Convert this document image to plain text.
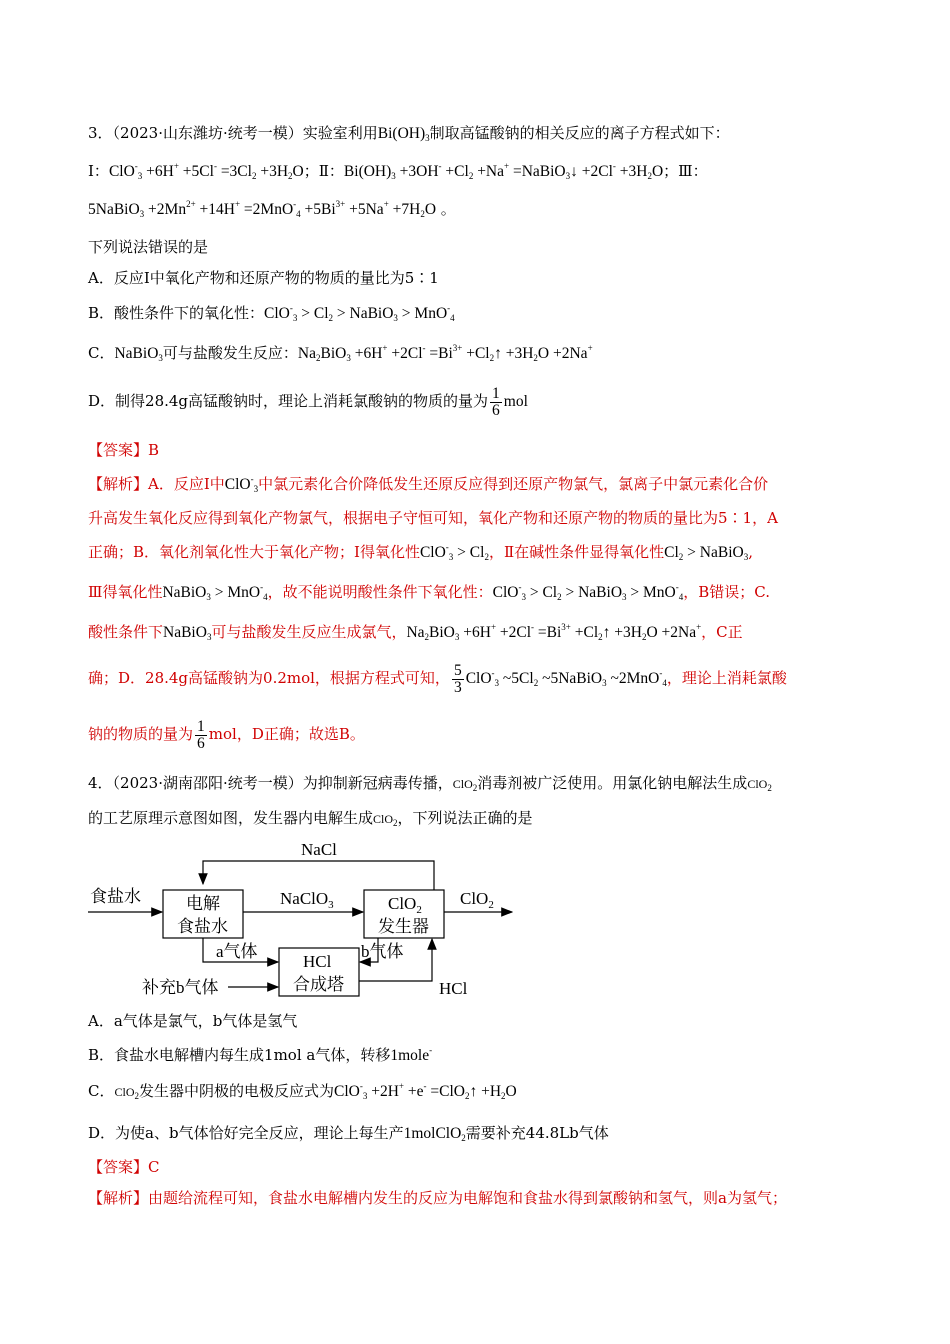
3．（2023·山东潍坊·统考一模）实验室利用$Bi(OH)_3$制取高锰酸钠的相关反应的离子方程式如下：
Ⅰ：$ClO^-_3 +6H^+ +5Cl^- =3Cl_2 +3H_2O$；Ⅱ：$Bi(OH)_3 +3OH^- +Cl_2 +Na^+$ =NaBiO$_3$↓ $+2Cl^- +3H_2O$；Ⅲ：
5NaBiO$_3$ $+2Mn^{2+} +14H^+ =2MnO^-_4 +5Bi^{3+} +5Na^+ +7H_2O$ 。
下列说法错误的是
A．反应Ⅰ中氧化产物和还原产物的物质的量比为5∶1
B．酸性条件下的氧化性：$ClO^-_3 > Cl_2$ > NaBiO$_3$ > MnO-$_4$
C．NaBiO$_3$可与盐酸发生反应：$Na_2BiO_3 +6H^+ +2Cl^- =Bi^{3+}$ $+Cl_2↑ +3H_2O +2Na^+$
D．制得28.4g高锰酸钠时，理论上消耗氯酸钠的物质的量为 $\frac{1}{6}$ mol
【答案】B
【解析】A．反应Ⅰ中ClO-$_3$中氯元素化合价降低发生还原反应得到还原产物氯气，氯离子中氯元素化合价
升高发生氧化反应得到氧化产物氯气，根据电子守恒可知，氧化产物和还原产物的物质的量比为5∶1，A
正确；B．氧化剂氧化性大于氧化产物；Ⅰ得氧化性$ClO^-_3 > Cl_2$，Ⅱ在碱性条件显得氧化性$Cl_2$ > NaBiO$_3$,
Ⅲ得氧化性NaBiO$_3$ > MnO-$_4$，故不能说明酸性条件下氧化性：$ClO^-_3 > Cl_2$ > NaBiO$_3$ > MnO-$_4$，B错误；C.
酸性条件下NaBiO$_3$可与盐酸发生反应生成氯气，$Na_2BiO_3 +6H^+ +2Cl^- =Bi^{3+}$ $+Cl_2↑ +3H_2O +2Na^+$，C正
确；D．28.4g高锰酸钠为0.2mol，根据方程式可知， $\frac{5}{3} ClO^-_3$ $\sim 5Cl_2$ ~5NaBiO$_3$ ~2MnO-$_4$，理论上消耗氯酸
钠的物质的量为 $\frac{1}{6}$ mol，D正确；故选B。
4．（2023·湖南邵阳·统考一模）为抑制新冠病毒传播，ClO$_2$消毒剂被广泛使用。用氯化钠电解法生成ClO$_2$
的工艺原理示意图如图，发生器内电解生成ClO$_2$，下列说法正确的是
NaCl
食盐水	电解
食盐水
NaClO$_3$	ClO$_2$
发生器
ClO$_2$
a气体
HCl
合成塔
b气体
补充b气体	HCl
A．a气体是氯气，b气体是氢气
B．食盐水电解槽内每生成1mol a气体，转移1mole-
C．ClO$_2$发生器中阴极的电极反应式为ClO-$_3$ +2H+ +e- =ClO$_2$↑ $+H_2O$
D．为使a、b气体恰好完全反应，理论上每生产1molClO$_2$需要补充44.8Lb气体
【答案】C
【解析】由题给流程可知，食盐水电解槽内发生的反应为电解饱和食盐水得到氯酸钠和氢气，则a为氢气；
